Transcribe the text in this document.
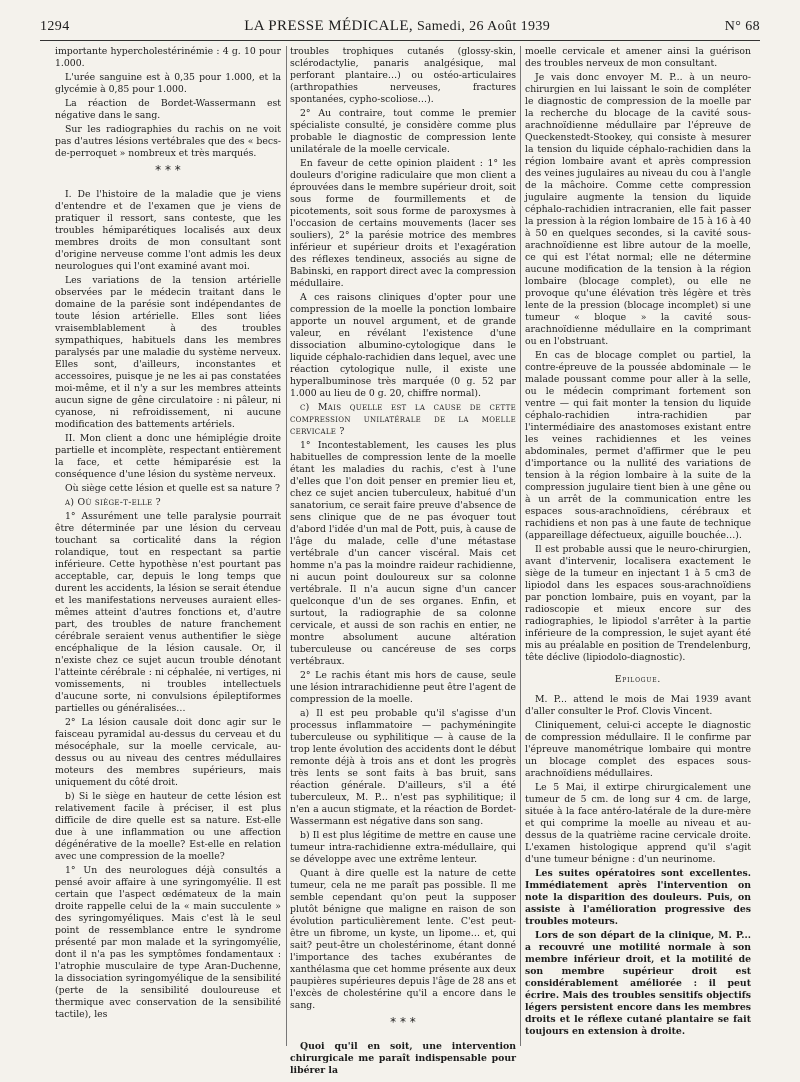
1294	LA PRESSE MÉDICALE, Samedi, 26 Août 1939	N° 68

importante hypercholestérinémie : 4 g. 10 pour 1.000.

L'urée sanguine est à 0,35 pour 1.000, et la glycémie à 0,85 pour 1.000.

La réaction de Bordet-Wassermann est négative dans le sang.

Sur les radiographies du rachis on ne voit pas d'autres lésions vertébrales que des « becs-de-perroquet » nombreux et très marqués.

* * *

I. De l'histoire de la maladie que je viens d'entendre et de l'examen que je viens de pratiquer il ressort, sans conteste, que les troubles hémiparétiques localisés aux deux membres droits de mon consultant sont d'origine nerveuse comme l'ont admis les deux neurologues qui l'ont examiné avant moi.

Les variations de la tension artérielle observées par le médecin traitant dans le domaine de la parésie sont indépendantes de toute lésion artérielle. Elles sont liées vraisemblablement à des troubles sympathiques, habituels dans les membres paralysés par une maladie du système nerveux. Elles sont, d'ailleurs, inconstantes et accessoires, puisque je ne les ai pas constatées moi-même, et il n'y a sur les membres atteints aucun signe de gêne circulatoire : ni pâleur, ni cyanose, ni refroidissement, ni aucune modification des battements artériels.

II. Mon client a donc une hémiplégie droite partielle et incomplète, respectant entièrement la face, et cette hémiparésie est la conséquence d'une lésion du système nerveux.

Où siège cette lésion et quelle est sa nature ?

a) Où siège-t-elle ?

1° Assurément une telle paralysie pourrait être déterminée par une lésion du cerveau touchant sa corticalité dans la région rolandique, tout en respectant sa partie inférieure. Cette hypothèse n'est pourtant pas acceptable, car, depuis le long temps que durent les accidents, la lésion se serait étendue et les manifestations nerveuses auraient elles-mêmes atteint d'autres fonctions et, d'autre part, des troubles de nature franchement cérébrale seraient venus authentifier le siège encéphalique de la lésion causale. Or, il n'existe chez ce sujet aucun trouble dénotant l'atteinte cérébrale : ni céphalée, ni vertiges, ni vomissements, ni troubles intellectuels d'aucune sorte, ni convulsions épileptiformes partielles ou généralisées…

2° La lésion causale doit donc agir sur le faisceau pyramidal au-dessus du cerveau et du mésocéphale, sur la moelle cervicale, au-dessus ou au niveau des centres médullaires moteurs des membres supérieurs, mais uniquement du côté droit.

b) Si le siège en hauteur de cette lésion est relativement facile à préciser, il est plus difficile de dire quelle est sa nature. Est-elle due à une inflammation ou une affection dégénérative de la moelle? Est-elle en relation avec une compression de la moelle?

1° Un des neurologues déjà consultés a pensé avoir affaire à une syringomyélie. Il est certain que l'aspect œdémateux de la main droite rappelle celui de la « main succulente » des syringomyéliques. Mais c'est là le seul point de ressemblance entre le syndrome présenté par mon malade et la syringomyélie, dont il n'a pas les symptômes fondamentaux : l'atrophie musculaire de type Aran-Duchenne, la dissociation syringomyélique de la sensibilité (perte de la sensibilité douloureuse et thermique avec conservation de la sensibilité tactile), les

troubles trophiques cutanés (glossy-skin, sclérodactylie, panaris analgésique, mal perforant plantaire…) ou ostéo-articulaires (arthropathies nerveuses, fractures spontanées, cypho-scoliose…).

2° Au contraire, tout comme le premier spécialiste consulté, je considère comme plus probable le diagnostic de compression lente unilatérale de la moelle cervicale.

En faveur de cette opinion plaident : 1° les douleurs d'origine radiculaire que mon client a éprouvées dans le membre supérieur droit, soit sous forme de fourmillements et de picotements, soit sous forme de paroxysmes à l'occasion de certains mouvements (lacer ses souliers), 2° la parésie motrice des membres inférieur et supérieur droits et l'exagération des réflexes tendineux, associés au signe de Babinski, en rapport direct avec la compression médullaire.

A ces raisons cliniques d'opter pour une compression de la moelle la ponction lombaire apporte un nouvel argument, et de grande valeur, en révélant l'existence d'une dissociation albumino-cytologique dans le liquide céphalo-rachidien dans lequel, avec une réaction cytologique nulle, il existe une hyperalbuminose très marquée (0 g. 52 par 1.000 au lieu de 0 g. 20, chiffre normal).

c) Mais quelle est la cause de cette compression unilatérale de la moelle cervicale ?

1° Incontestablement, les causes les plus habituelles de compression lente de la moelle étant les maladies du rachis, c'est à l'une d'elles que l'on doit penser en premier lieu et, chez ce sujet ancien tuberculeux, habitué d'un sanatorium, ce serait faire preuve d'absence de sens clinique que de ne pas évoquer tout d'abord l'idée d'un mal de Pott, puis, à cause de l'âge du malade, celle d'une métastase vertébrale d'un cancer viscéral. Mais cet homme n'a pas la moindre raideur rachidienne, ni aucun point douloureux sur sa colonne vertébrale. Il n'a aucun signe d'un cancer quelconque d'un de ses organes. Enfin, et surtout, la radiographie de sa colonne cervicale, et aussi de son rachis en entier, ne montre absolument aucune altération tuberculeuse ou cancéreuse de ses corps vertébraux.

2° Le rachis étant mis hors de cause, seule une lésion intrarachidienne peut être l'agent de compression de la moelle.

a) Il est peu probable qu'il s'agisse d'un processus inflammatoire — pachyméningite tuberculeuse ou syphilitique — à cause de la trop lente évolution des accidents dont le début remonte déjà à trois ans et dont les progrès très lents se sont faits à bas bruit, sans réaction générale. D'ailleurs, s'il a été tuberculeux, M. P... n'est pas syphilitique; il n'en a aucun stigmate, et la réaction de Bordet-Wassermann est négative dans son sang.

b) Il est plus légitime de mettre en cause une tumeur intra-rachidienne extra-médullaire, qui se développe avec une extrême lenteur.

Quant à dire quelle est la nature de cette tumeur, cela ne me paraît pas possible. Il me semble cependant qu'on peut la supposer plutôt bénigne que maligne en raison de son évolution particulièrement lente. C'est peut-être un fibrome, un kyste, un lipome… et, qui sait? peut-être un cholestérinome, étant donné l'importance des taches exubérantes de xanthélasma que cet homme présente aux deux paupières supérieures depuis l'âge de 28 ans et l'excès de cholestérine qu'il a encore dans le sang.

* * *

Quoi qu'il en soit, une intervention chirurgicale me paraît indispensable pour libérer la

moelle cervicale et amener ainsi la guérison des troubles nerveux de mon consultant.

Je vais donc envoyer M. P... à un neuro-chirurgien en lui laissant le soin de compléter le diagnostic de compression de la moelle par la recherche du blocage de la cavité sous-arachnoïdienne médullaire par l'épreuve de Queckenstedt-Stookey, qui consiste à mesurer la tension du liquide céphalo-rachidien dans la région lombaire avant et après compression des veines jugulaires au niveau du cou à l'angle de la mâchoire. Comme cette compression jugulaire augmente la tension du liquide céphalo-rachidien intracranien, elle fait passer la pression à la région lombaire de 15 à 16 à 40 à 50 en quelques secondes, si la cavité sous-arachnoïdienne est libre autour de la moelle, ce qui est l'état normal; elle ne détermine aucune modification de la tension à la région lombaire (blocage complet), ou elle ne provoque qu'une élévation très légère et très lente de la pression (blocage incomplet) si une tumeur « bloque » la cavité sous-arachnoïdienne médullaire en la comprimant ou en l'obstruant.

En cas de blocage complet ou partiel, la contre-épreuve de la poussée abdominale — le malade poussant comme pour aller à la selle, ou le médecin comprimant fortement son ventre — qui fait monter la tension du liquide céphalo-rachidien intra-rachidien par l'intermédiaire des anastomoses existant entre les veines rachidiennes et les veines abdominales, permet d'affirmer que le peu d'importance ou la nullité des variations de tension à la région lombaire à la suite de la compression jugulaire tient bien à une gêne ou à un arrêt de la communication entre les espaces sous-arachnoïdiens, cérébraux et rachidiens et non pas à une faute de technique (appareillage défectueux, aiguille bouchée…).

Il est probable aussi que le neuro-chirurgien, avant d'intervenir, localisera exactement le siège de la tumeur en injectant 1 à 5 cm3 de lipiodol dans les espaces sous-arachnoïdiens par ponction lombaire, puis en voyant, par la radioscopie et mieux encore sur des radiographies, le lipiodol s'arrêter à la partie inférieure de la compression, le sujet ayant été mis au préalable en position de Trendelenburg, tête déclive (lipiodolo-diagnostic).

Epilogue.

M. P... attend le mois de Mai 1939 avant d'aller consulter le Prof. Clovis Vincent.

Cliniquement, celui-ci accepte le diagnostic de compression médullaire. Il le confirme par l'épreuve manométrique lombaire qui montre un blocage complet des espaces sous-arachnoïdiens médullaires.

Le 5 Mai, il extirpe chirurgicalement une tumeur de 5 cm. de long sur 4 cm. de large, située à la face antéro-latérale de la dure-mère et qui comprime la moelle au niveau et au-dessus de la quatrième racine cervicale droite. L'examen histologique apprend qu'il s'agit d'une tumeur bénigne : d'un neurinome.

Les suites opératoires sont excellentes. Immédiatement après l'intervention on note la disparition des douleurs. Puis, on assiste à l'amélioration progressive des troubles moteurs.

Lors de son départ de la clinique, M. P... a recouvré une motilité normale à son membre inférieur droit, et la motilité de son membre supérieur droit est considérablement améliorée : il peut écrire. Mais des troubles sensitifs objectifs légers persistent encore dans les membres droits et le réflexe cutané plantaire se fait toujours en extension à droite.
